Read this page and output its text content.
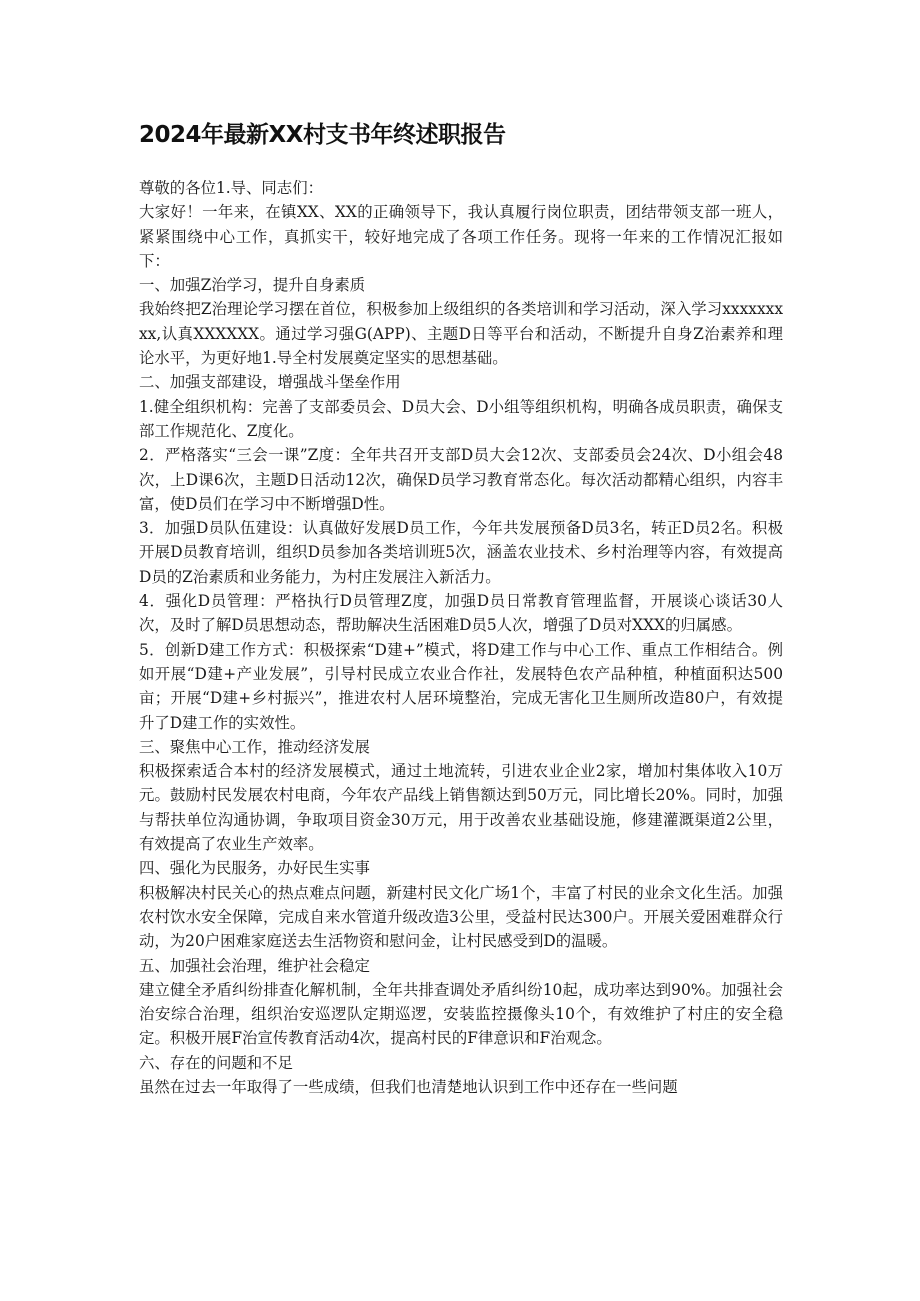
2024年最新XX村支书年终述职报告

尊敬的各位1.导、同志们：

大家好！一年来，在镇XX、XX的正确领导下，我认真履行岗位职责，团结带领支部一班人，紧紧围绕中心工作，真抓实干，较好地完成了各项工作任务。现将一年来的工作情况汇报如下：

一、加强Z治学习，提升自身素质

我始终把Z治理论学习摆在首位，积极参加上级组织的各类培训和学习活动，深入学习xxxxxxxxx,认真XXXXXX。通过学习强G(APP)、主题D日等平台和活动，不断提升自身Z治素养和理论水平，为更好地1.导全村发展奠定坚实的思想基础。

二、加强支部建设，增强战斗堡垒作用

1.健全组织机构：完善了支部委员会、D员大会、D小组等组织机构，明确各成员职责，确保支部工作规范化、Z度化。

2．严格落实“三会一课”Z度：全年共召开支部D员大会12次、支部委员会24次、D小组会48次，上D课6次，主题D日活动12次，确保D员学习教育常态化。每次活动都精心组织，内容丰富，使D员们在学习中不断增强D性。

3．加强D员队伍建设：认真做好发展D员工作，今年共发展预备D员3名，转正D员2名。积极开展D员教育培训，组织D员参加各类培训班5次，涵盖农业技术、乡村治理等内容，有效提高D员的Z治素质和业务能力，为村庄发展注入新活力。

4．强化D员管理：严格执行D员管理Z度，加强D员日常教育管理监督，开展谈心谈话30人次，及时了解D员思想动态，帮助解决生活困难D员5人次，增强了D员对XXX的归属感。

5．创新D建工作方式：积极探索“D建+”模式，将D建工作与中心工作、重点工作相结合。例如开展“D建+产业发展”，引导村民成立农业合作社，发展特色农产品种植，种植面积达500亩；开展“D建+乡村振兴”，推进农村人居环境整治，完成无害化卫生厕所改造80户，有效提升了D建工作的实效性。

三、聚焦中心工作，推动经济发展

积极探索适合本村的经济发展模式，通过土地流转，引进农业企业2家，增加村集体收入10万元。鼓励村民发展农村电商，今年农产品线上销售额达到50万元，同比增长20%。同时，加强与帮扶单位沟通协调，争取项目资金30万元，用于改善农业基础设施，修建灌溉渠道2公里，有效提高了农业生产效率。

四、强化为民服务，办好民生实事

积极解决村民关心的热点难点问题，新建村民文化广场1个，丰富了村民的业余文化生活。加强农村饮水安全保障，完成自来水管道升级改造3公里，受益村民达300户。开展关爱困难群众行动，为20户困难家庭送去生活物资和慰问金，让村民感受到D的温暖。

五、加强社会治理，维护社会稳定

建立健全矛盾纠纷排查化解机制，全年共排查调处矛盾纠纷10起，成功率达到90%。加强社会治安综合治理，组织治安巡逻队定期巡逻，安装监控摄像头10个，有效维护了村庄的安全稳定。积极开展F治宣传教育活动4次，提高村民的F律意识和F治观念。

六、存在的问题和不足

虽然在过去一年取得了一些成绩，但我们也清楚地认识到工作中还存在一些问题
